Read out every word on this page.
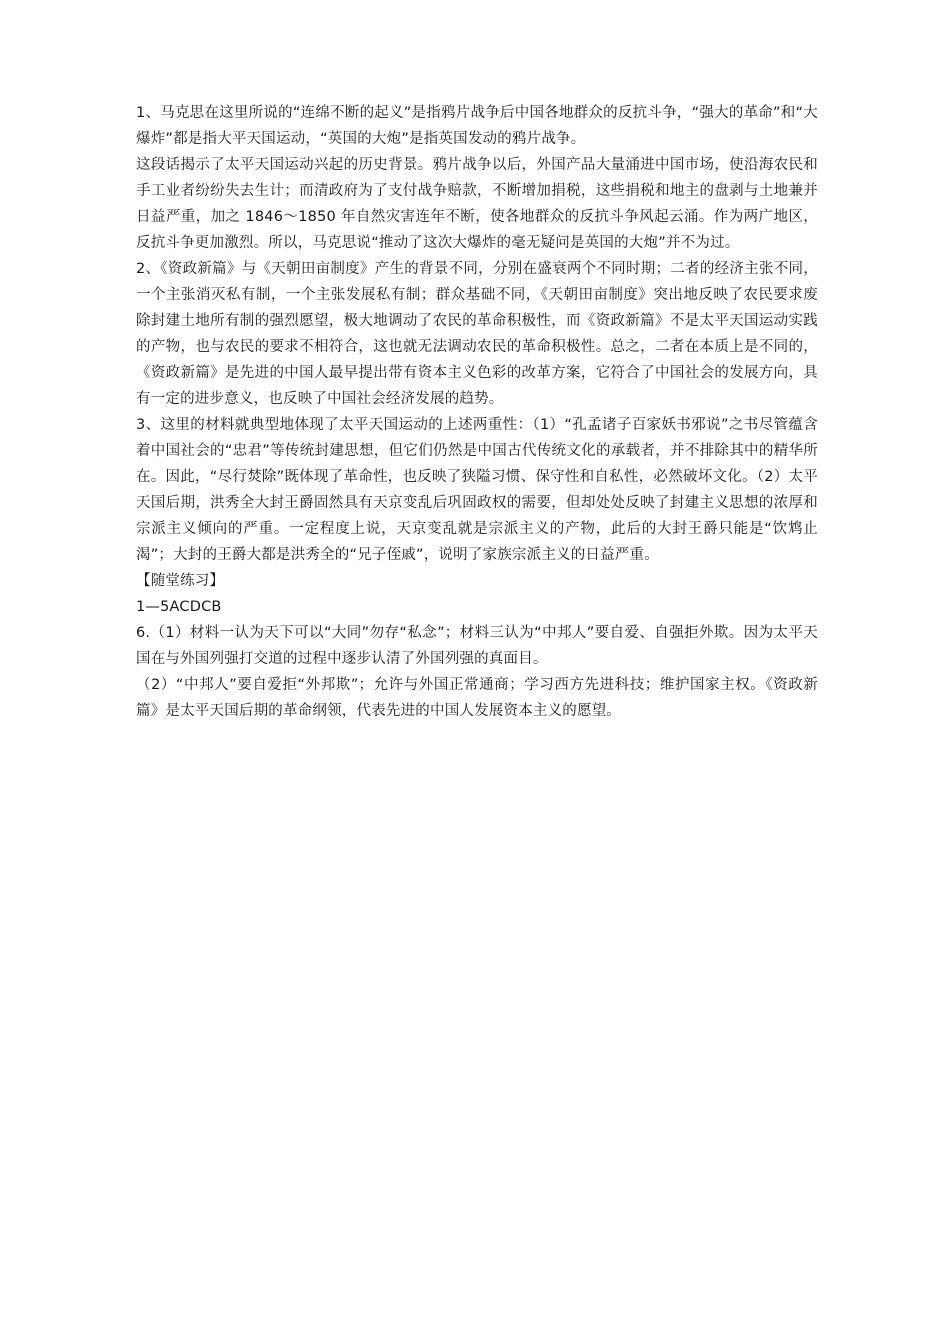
1、马克思在这里所说的“连绵不断的起义”是指鸦片战争后中国各地群众的反抗斗争，“强大的革命”和“大爆炸”都是指大平天国运动，“英国的大炮”是指英国发动的鸦片战争。

这段话揭示了太平天国运动兴起的历史背景。鸦片战争以后，外国产品大量涌进中国市场，使沿海农民和手工业者纷纷失去生计；而清政府为了支付战争赔款，不断增加捐税，这些捐税和地主的盘剥与土地兼并日益严重，加之 1846～1850 年自然灾害连年不断，使各地群众的反抗斗争风起云涌。作为两广地区，反抗斗争更加激烈。所以，马克思说“推动了这次大爆炸的毫无疑问是英国的大炮”并不为过。

2、《资政新篇》与《天朝田亩制度》产生的背景不同，分别在盛衰两个不同时期；二者的经济主张不同，一个主张消灭私有制，一个主张发展私有制；群众基础不同，《天朝田亩制度》突出地反映了农民要求废除封建土地所有制的强烈愿望，极大地调动了农民的革命积极性，而《资政新篇》不是太平天国运动实践的产物，也与农民的要求不相符合，这也就无法调动农民的革命积极性。总之，二者在本质上是不同的，《资政新篇》是先进的中国人最早提出带有资本主义色彩的改革方案，它符合了中国社会的发展方向，具有一定的进步意义，也反映了中国社会经济发展的趋势。

3、这里的材料就典型地体现了太平天国运动的上述两重性：（1）“孔孟诸子百家妖书邪说”之书尽管蕴含着中国社会的“忠君”等传统封建思想，但它们仍然是中国古代传统文化的承载者，并不排除其中的精华所在。因此，“尽行焚除”既体现了革命性，也反映了狭隘习惯、保守性和自私性，必然破坏文化。（2）太平天国后期，洪秀全大封王爵固然具有天京变乱后巩固政权的需要，但却处处反映了封建主义思想的浓厚和宗派主义倾向的严重。一定程度上说，天京变乱就是宗派主义的产物，此后的大封王爵只能是“饮鸩止渴”；大封的王爵大都是洪秀全的“兄子侄戚”，说明了家族宗派主义的日益严重。

【随堂练习】

1—5ACDCB

6.（1）材料一认为天下可以“大同”勿存“私念”；材料三认为“中邦人”要自爱、自强拒外欺。因为太平天国在与外国列强打交道的过程中逐步认清了外国列强的真面目。

（2）“中邦人”要自爱拒“外邦欺”；允许与外国正常通商；学习西方先进科技；维护国家主权。《资政新篇》是太平天国后期的革命纲领，代表先进的中国人发展资本主义的愿望。
